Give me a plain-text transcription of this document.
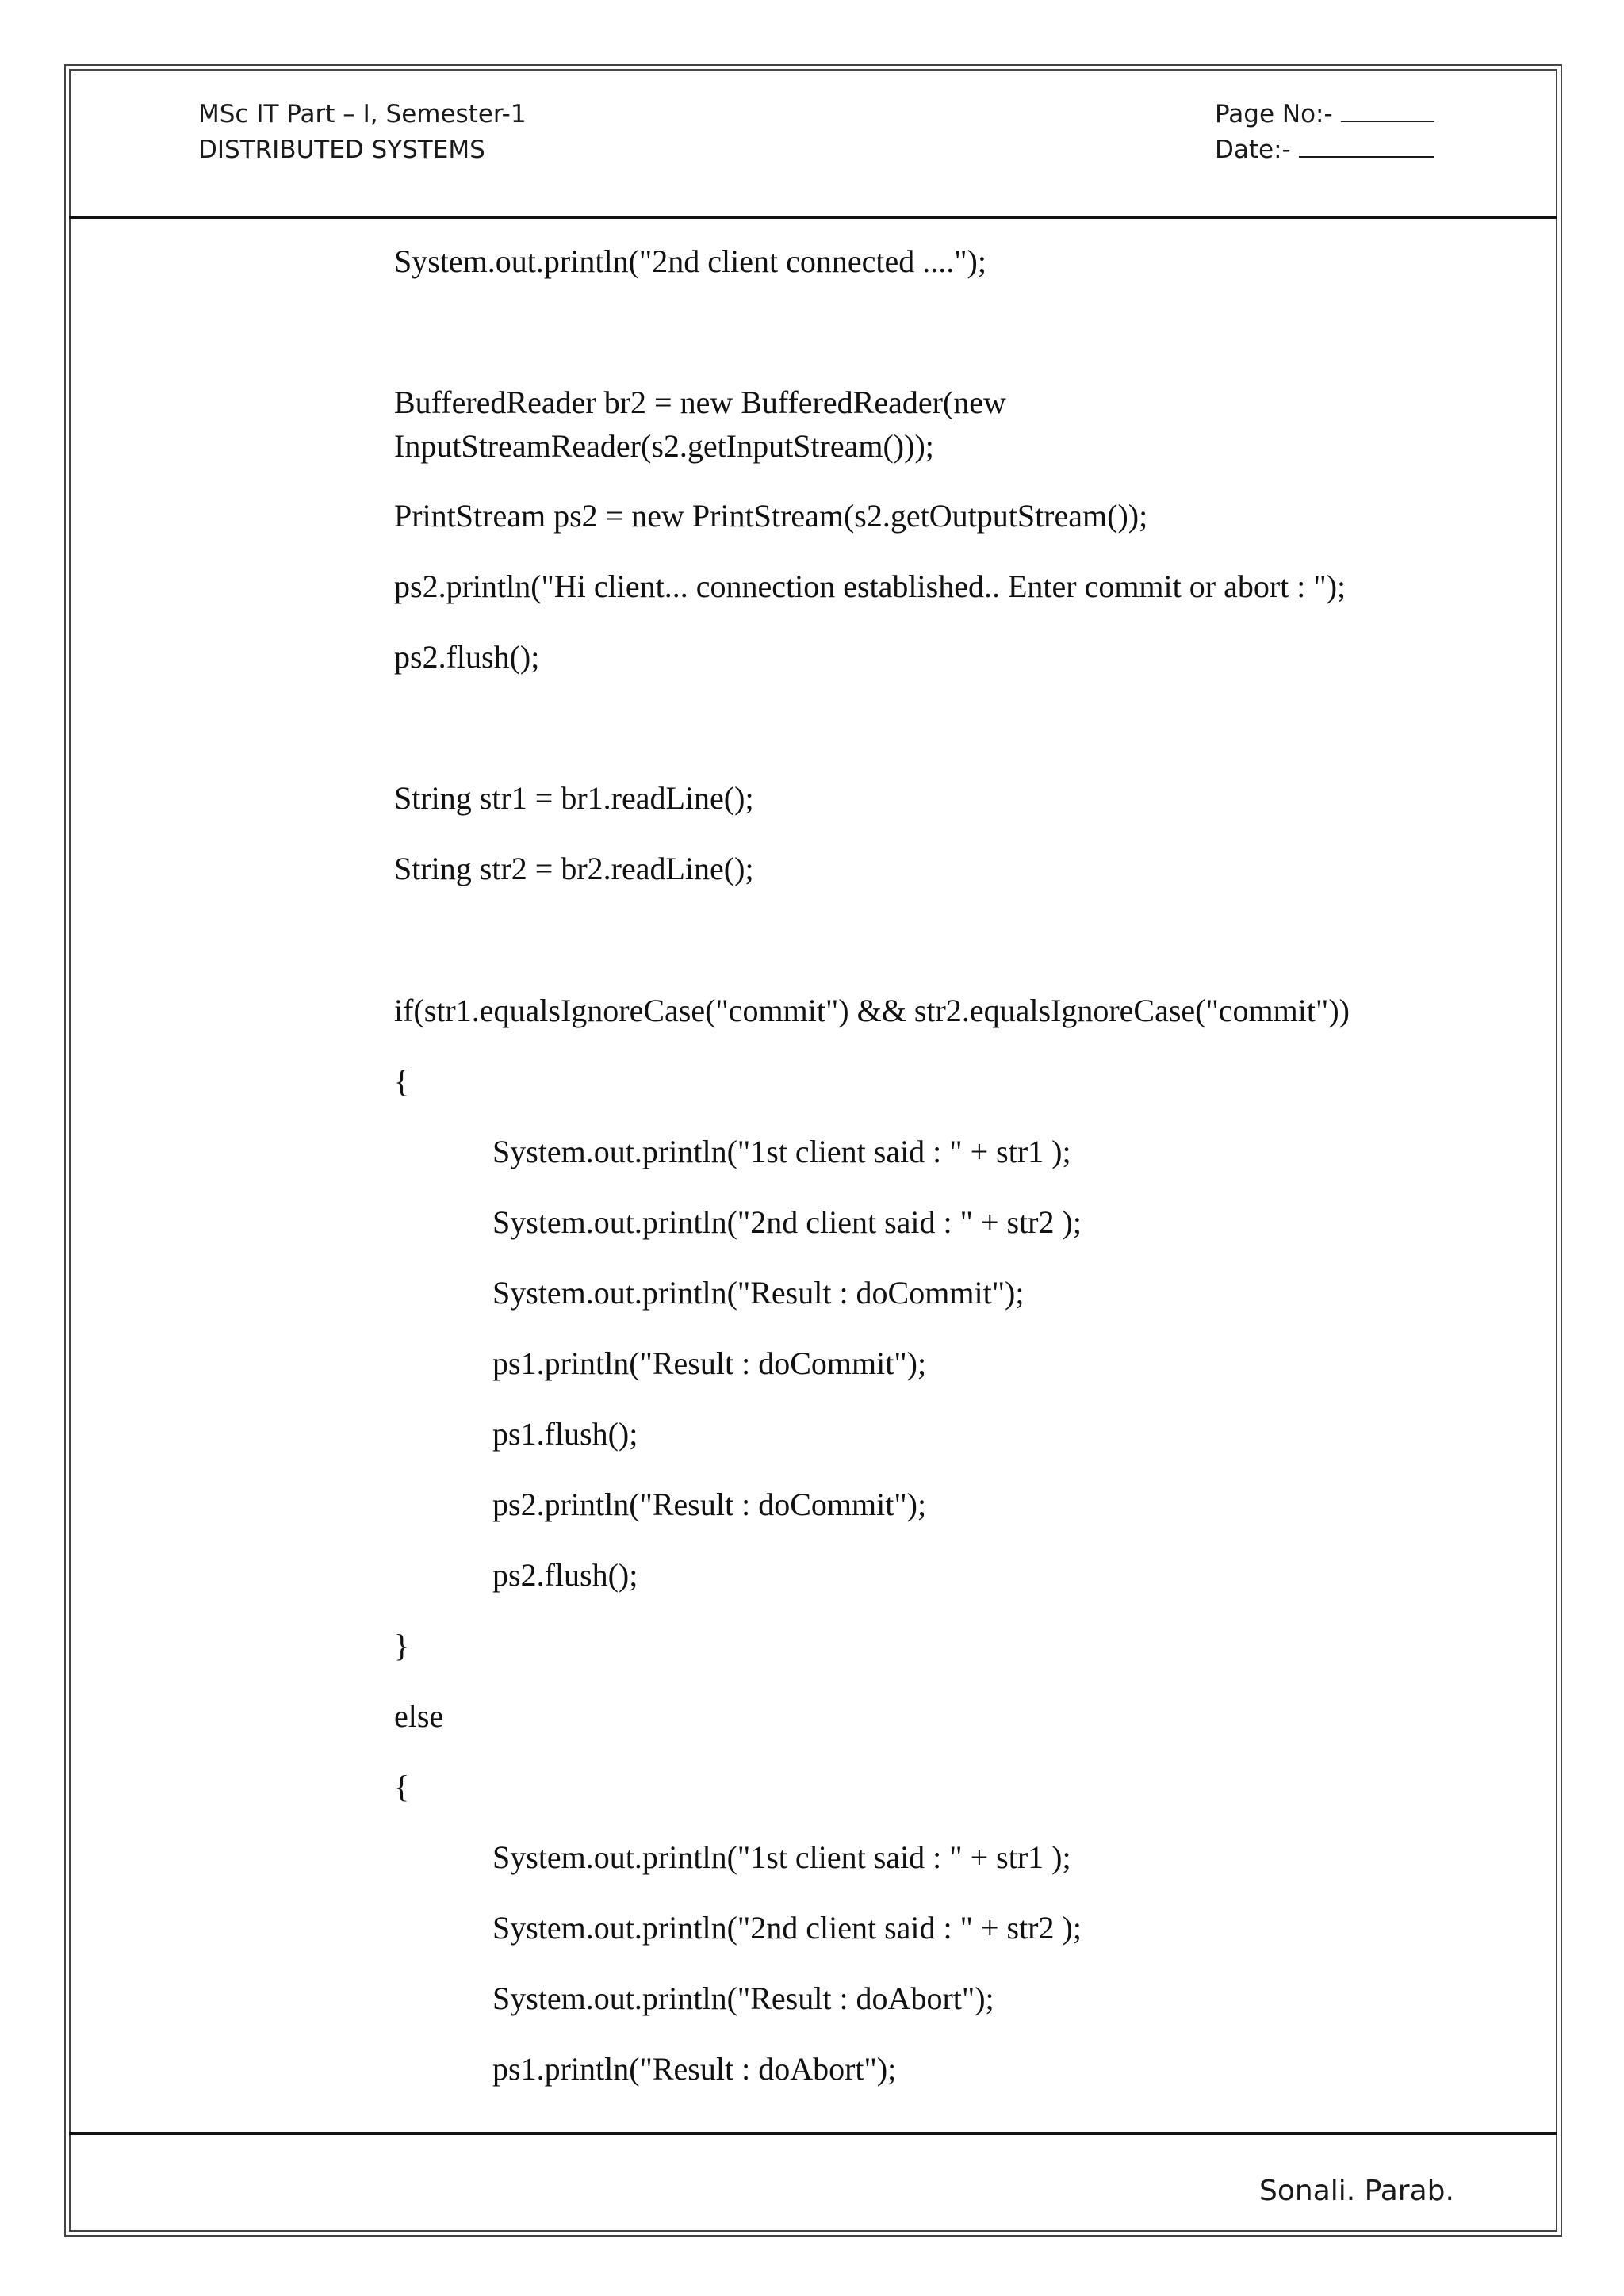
MSc IT Part – I, Semester-1
DISTRIBUTED SYSTEMS
Page No:-
Date:-
System.out.println("2nd client connected ....");
BufferedReader br2 = new BufferedReader(new
InputStreamReader(s2.getInputStream()));
PrintStream ps2 = new PrintStream(s2.getOutputStream());
ps2.println("Hi client... connection established.. Enter commit or abort : ");
ps2.flush();
String str1 = br1.readLine();
String str2 = br2.readLine();
if(str1.equalsIgnoreCase("commit") && str2.equalsIgnoreCase("commit"))
{
System.out.println("1st client said : " + str1 );
System.out.println("2nd client said : " + str2 );
System.out.println("Result : doCommit");
ps1.println("Result : doCommit");
ps1.flush();
ps2.println("Result : doCommit");
ps2.flush();
}
else
{
System.out.println("1st client said : " + str1 );
System.out.println("2nd client said : " + str2 );
System.out.println("Result : doAbort");
ps1.println("Result : doAbort");
Sonali. Parab.
